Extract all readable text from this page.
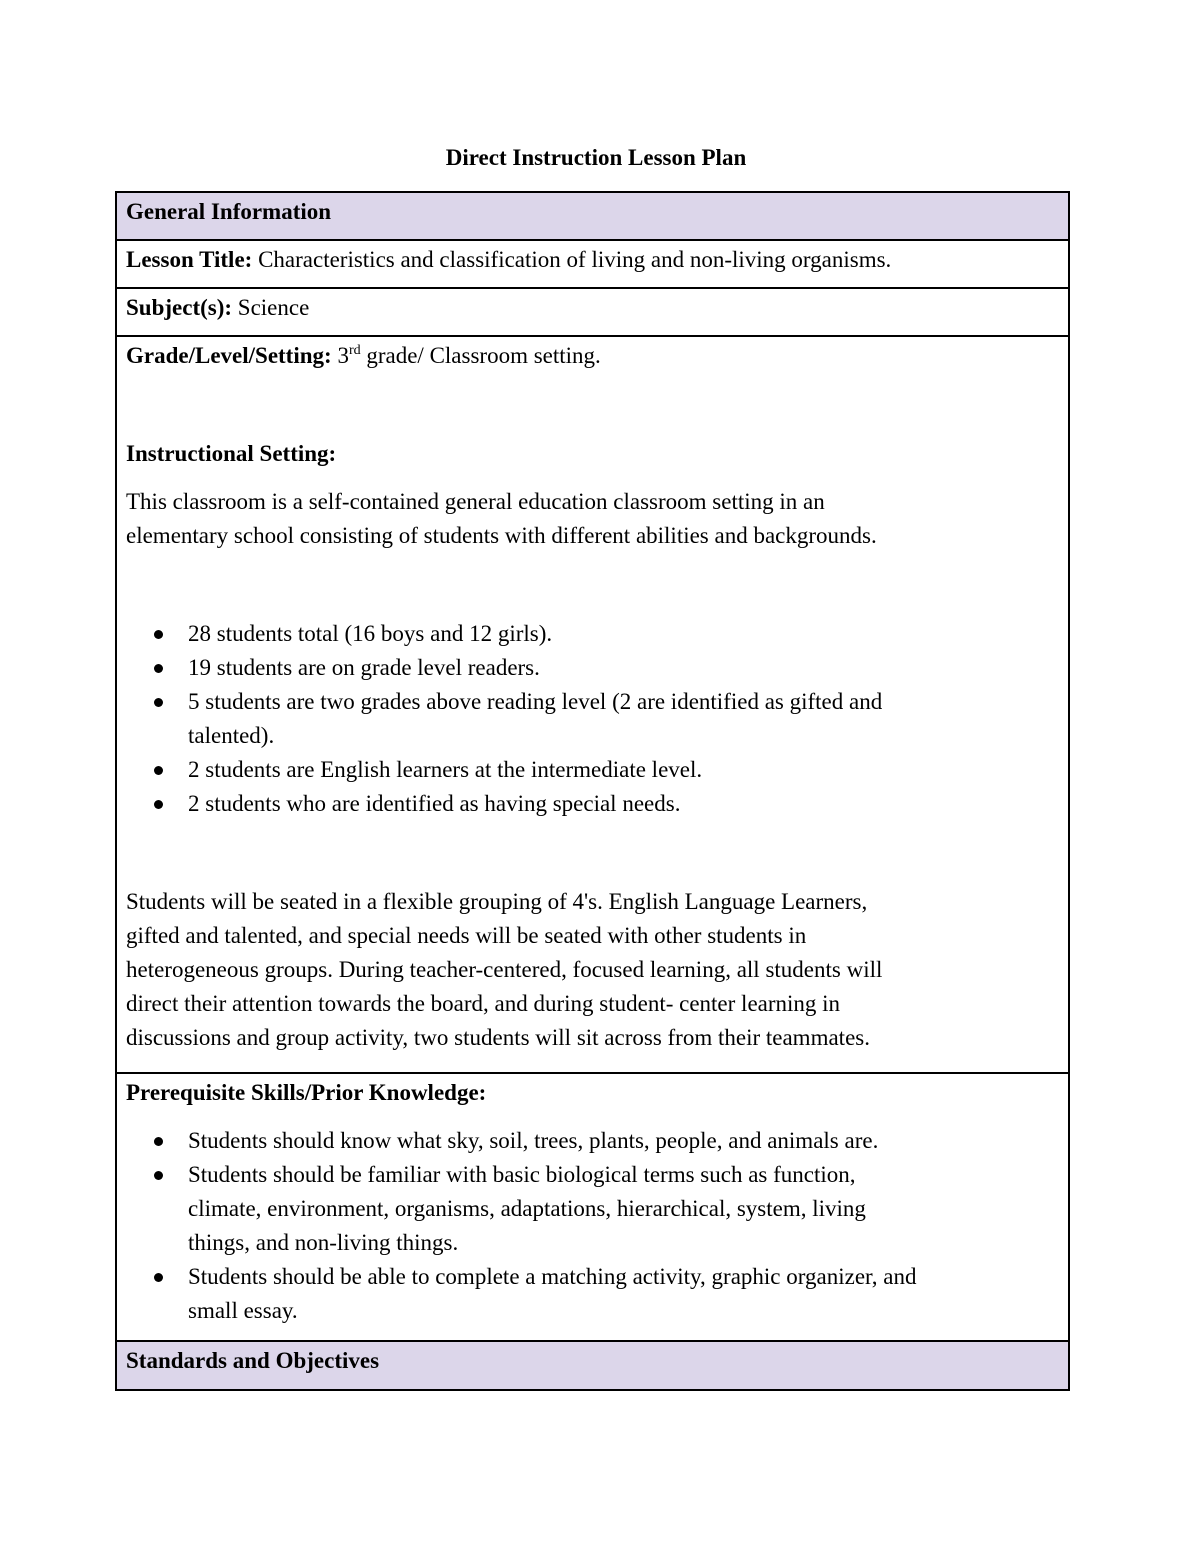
Direct Instruction Lesson Plan
General Information
Lesson Title: Characteristics and classification of living and non-living organisms.
Subject(s): Science

Grade/Level/Setting: 3rd grade/ Classroom setting.

Instructional Setting:

This classroom is a self-contained general education classroom setting in an

elementary school consisting of students with different abilities and backgrounds.

28 students total (16 boys and 12 girls).
19 students are on grade level readers.
5 students are two grades above reading level (2 are identified as gifted and
talented).
2 students are English learners at the intermediate level.
2 students who are identified as having special needs.

Students will be seated in a flexible grouping of 4's. English Language Learners,

gifted and talented, and special needs will be seated with other students in

heterogeneous groups. During teacher-centered, focused learning, all students will

direct their attention towards the board, and during student- center learning in

discussions and group activity, two students will sit across from their teammates.

Prerequisite Skills/Prior Knowledge:

Students should know what sky, soil, trees, plants, people, and animals are.
Students should be familiar with basic biological terms such as function,
climate, environment, organisms, adaptations, hierarchical, system, living
things, and non-living things.
Students should be able to complete a matching activity, graphic organizer, and
small essay.
Standards and Objectives
